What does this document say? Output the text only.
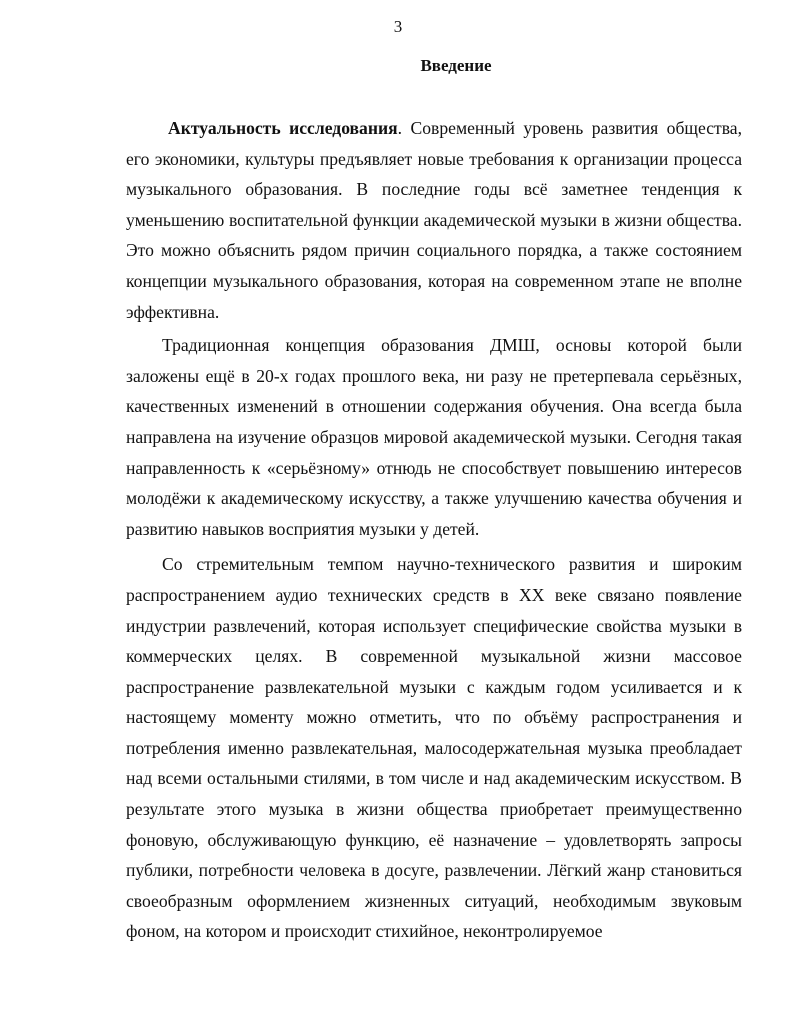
3
Введение

Актуальность исследования. Современный уровень развития общества, его экономики, культуры предъявляет новые требования к организации процесса музыкального образования. В последние годы всё заметнее тенденция к уменьшению воспитательной функции академической музыки в жизни общества. Это можно объяснить рядом причин социального порядка, а также состоянием концепции музыкального образования, которая на современном этапе не вполне эффективна.

Традиционная концепция образования ДМШ, основы которой были заложены ещё в 20-х годах прошлого века, ни разу не претерпевала серьёзных, качественных изменений в отношении содержания обучения. Она всегда была направлена на изучение образцов мировой академической музыки. Сегодня такая направленность к «серьёзному» отнюдь не способствует повышению интересов молодёжи к академическому искусству, а также улучшению качества обучения и развитию навыков восприятия музыки у детей.

Со стремительным темпом научно-технического развития и широким распространением аудио технических средств в XX веке связано появление индустрии развлечений, которая использует специфические свойства музыки в коммерческих целях. В современной музыкальной жизни массовое распространение развлекательной музыки с каждым годом усиливается и к настоящему моменту можно отметить, что по объёму распространения и потребления именно развлекательная, малосодержательная музыка преобладает над всеми остальными стилями, в том числе и над академическим искусством. В результате этого музыка в жизни общества приобретает преимущественно фоновую, обслуживающую функцию, её назначение – удовлетворять запросы публики, потребности человека в досуге, развлечении. Лёгкий жанр становиться своеобразным оформлением жизненных ситуаций, необходимым звуковым фоном, на котором и происходит стихийное, неконтролируемое
